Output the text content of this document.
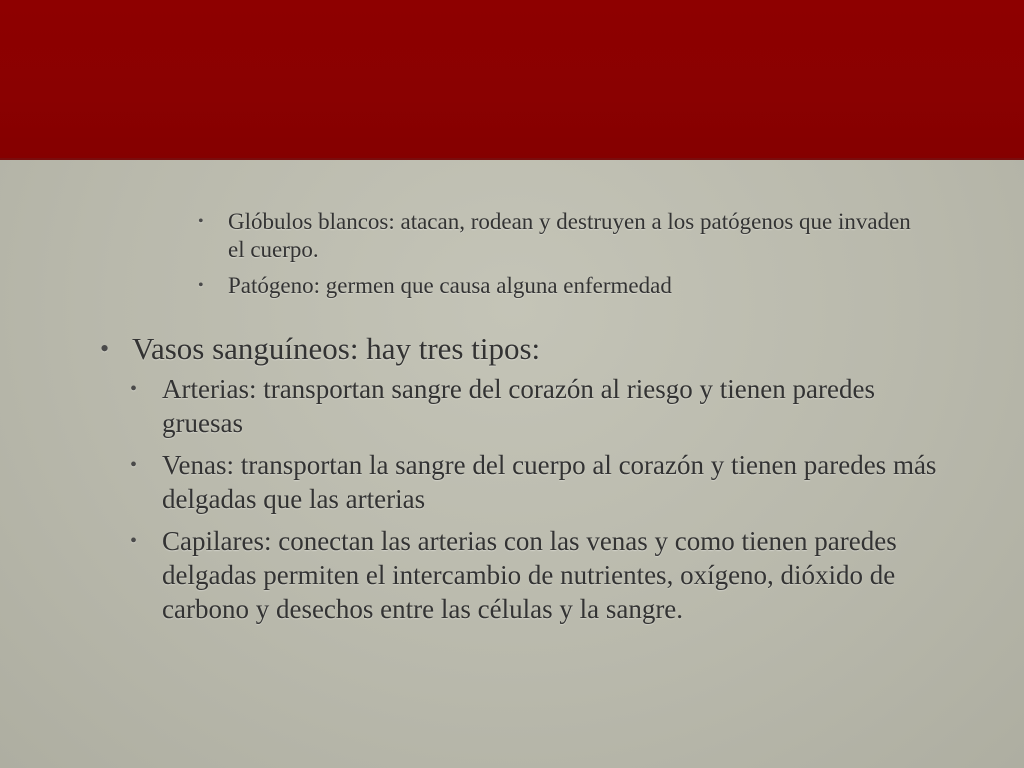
• Glóbulos blancos: atacan, rodean y destruyen a los patógenos que invaden el cuerpo.
• Patógeno: germen que causa alguna enfermedad
• Vasos sanguíneos: hay tres tipos:
• Arterias: transportan sangre del corazón al riesgo y tienen paredes gruesas
• Venas: transportan la sangre del cuerpo al corazón y tienen paredes más delgadas que las arterias
• Capilares: conectan las arterias con las venas y como tienen paredes delgadas permiten el intercambio de nutrientes, oxígeno, dióxido de carbono y desechos entre las células y la sangre.
